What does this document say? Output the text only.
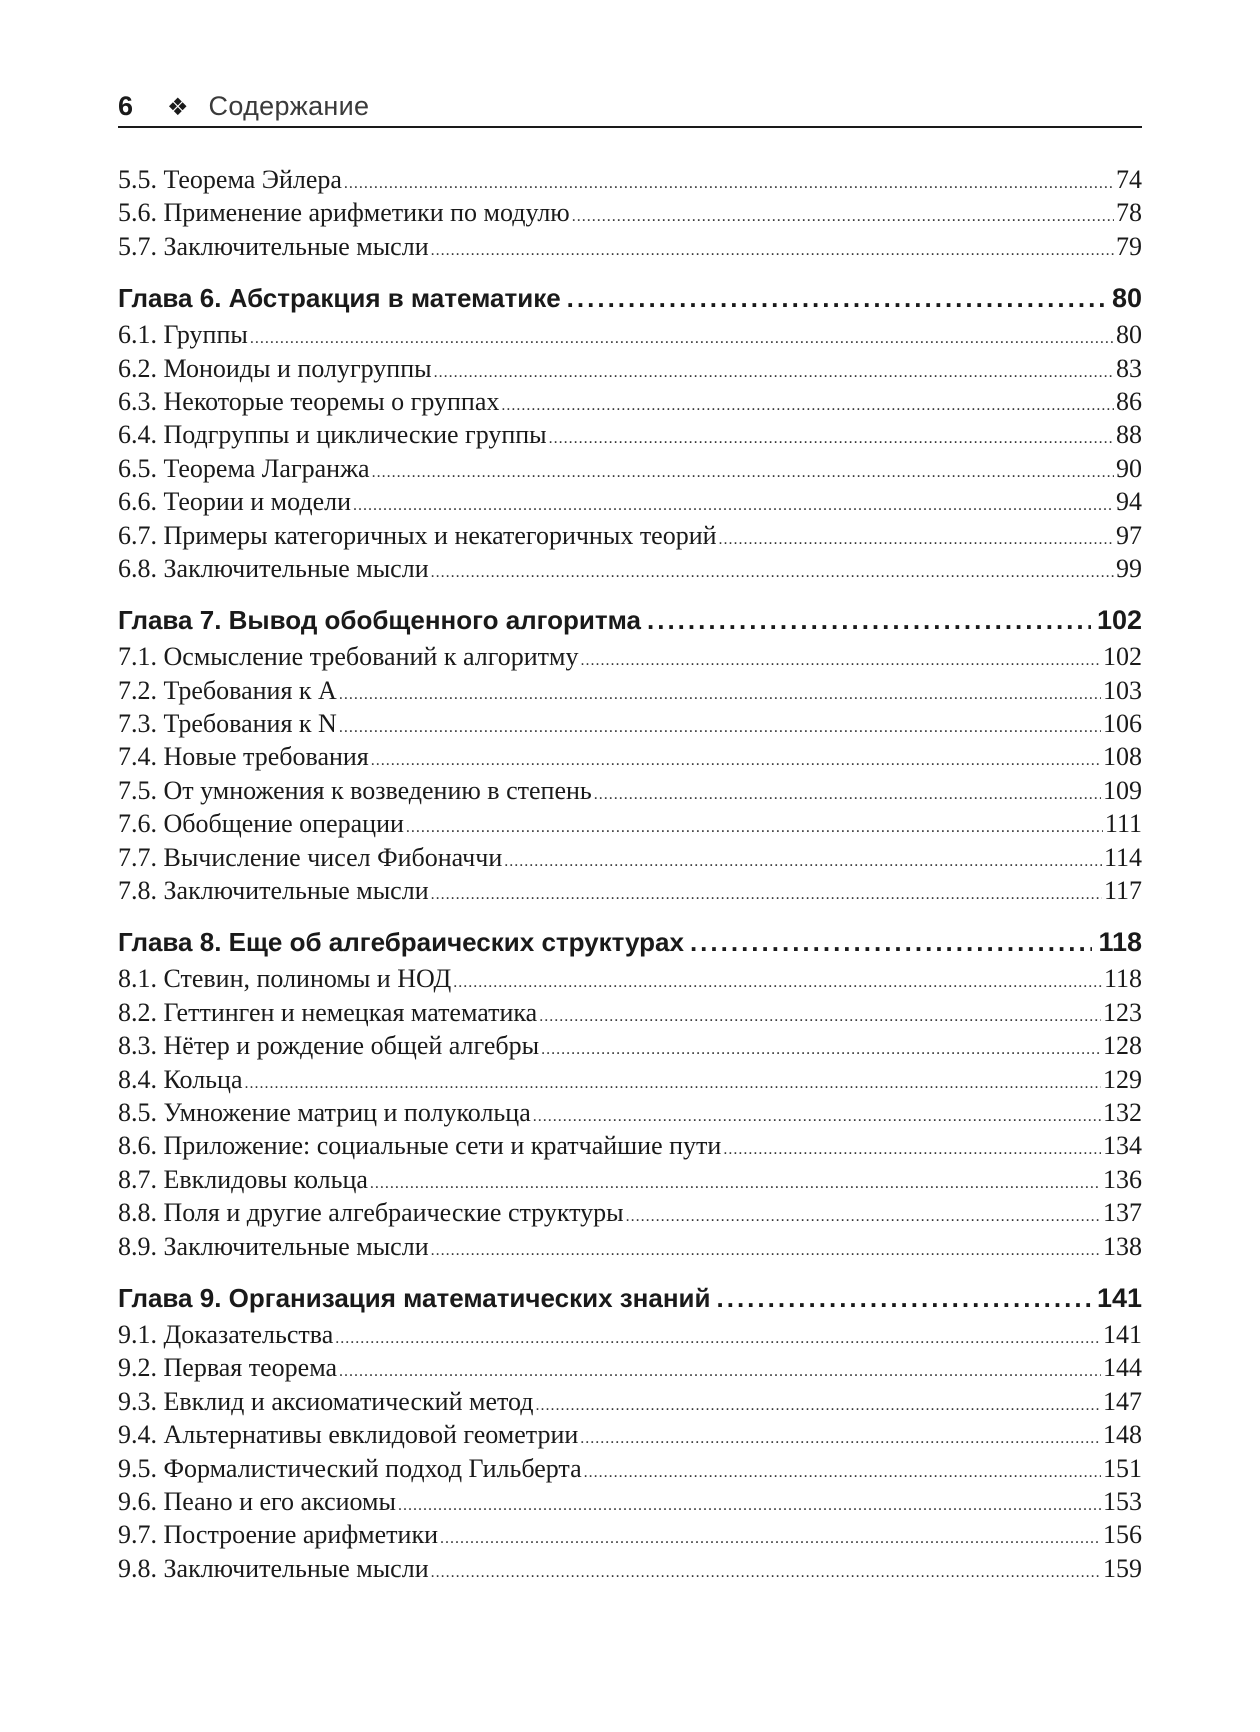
6 ❖ Содержание
5.5. Теорема Эйлера .....	74
5.6. Применение арифметики по модулю .....	78
5.7. Заключительные мысли .....	79
Глава 6. Абстракция в математике .....	80
6.1. Группы .....	80
6.2. Моноиды и полугруппы .....	83
6.3. Некоторые теоремы о группах .....	86
6.4. Подгруппы и циклические группы .....	88
6.5. Теорема Лагранжа .....	90
6.6. Теории и модели .....	94
6.7. Примеры категоричных и некатегоричных теорий .....	97
6.8. Заключительные мысли .....	99
Глава 7. Вывод обобщенного алгоритма .....	102
7.1. Осмысление требований к алгоритму .....	102
7.2. Требования к A .....	103
7.3. Требования к N .....	106
7.4. Новые требования .....	108
7.5. От умножения к возведению в степень .....	109
7.6. Обобщение операции .....	111
7.7. Вычисление чисел Фибоначчи .....	114
7.8. Заключительные мысли .....	117
Глава 8. Еще об алгебраических структурах .....	118
8.1. Стевин, полиномы и НОД .....	118
8.2. Геттинген и немецкая математика .....	123
8.3. Нётер и рождение общей алгебры .....	128
8.4. Кольца .....	129
8.5. Умножение матриц и полукольца .....	132
8.6. Приложение: социальные сети и кратчайшие пути .....	134
8.7. Евклидовы кольца .....	136
8.8. Поля и другие алгебраические структуры .....	137
8.9. Заключительные мысли .....	138
Глава 9. Организация математических знаний .....	141
9.1. Доказательства .....	141
9.2. Первая теорема .....	144
9.3. Евклид и аксиоматический метод .....	147
9.4. Альтернативы евклидовой геометрии .....	148
9.5. Формалистический подход Гильберта .....	151
9.6. Пеано и его аксиомы .....	153
9.7. Построение арифметики .....	156
9.8. Заключительные мысли .....	159
